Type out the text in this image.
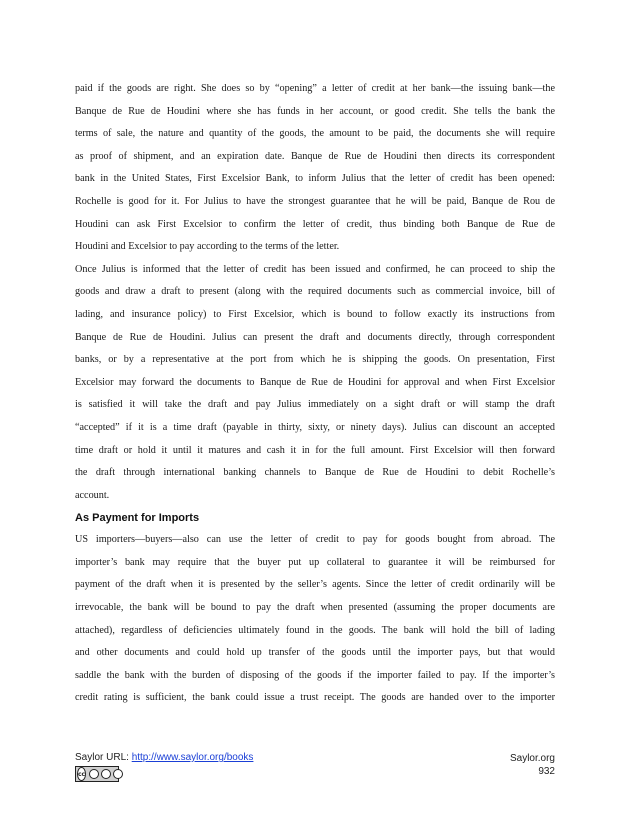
paid if the goods are right. She does so by “opening” a letter of credit at her bank—the issuing bank—the

Banque de Rue de Houdini where she has funds in her account, or good credit. She tells the bank the

terms of sale, the nature and quantity of the goods, the amount to be paid, the documents she will require

as proof of shipment, and an expiration date. Banque de Rue de Houdini then directs its correspondent

bank in the United States, First Excelsior Bank, to inform Julius that the letter of credit has been opened:

Rochelle is good for it. For Julius to have the strongest guarantee that he will be paid, Banque de Rou de

Houdini can ask First Excelsior to confirm the letter of credit, thus binding both Banque de Rue de

Houdini and Excelsior to pay according to the terms of the letter.

Once Julius is informed that the letter of credit has been issued and confirmed, he can proceed to ship the

goods and draw a draft to present (along with the required documents such as commercial invoice, bill of

lading, and insurance policy) to First Excelsior, which is bound to follow exactly its instructions from

Banque de Rue de Houdini. Julius can present the draft and documents directly, through correspondent

banks, or by a representative at the port from which he is shipping the goods. On presentation, First

Excelsior may forward the documents to Banque de Rue de Houdini for approval and when First Excelsior

is satisfied it will take the draft and pay Julius immediately on a sight draft or will stamp the draft

“accepted” if it is a time draft (payable in thirty, sixty, or ninety days). Julius can discount an accepted

time draft or hold it until it matures and cash it in for the full amount. First Excelsior will then forward

the draft through international banking channels to Banque de Rue de Houdini to debit Rochelle’s

account.

As Payment for Imports

US importers—buyers—also can use the letter of credit to pay for goods bought from abroad. The

importer’s bank may require that the buyer put up collateral to guarantee it will be reimbursed for

payment of the draft when it is presented by the seller’s agents. Since the letter of credit ordinarily will be

irrevocable, the bank will be bound to pay the draft when presented (assuming the proper documents are

attached), regardless of deficiencies ultimately found in the goods. The bank will hold the bill of lading

and other documents and could hold up transfer of the goods until the importer pays, but that would

saddle the bank with the burden of disposing of the goods if the importer failed to pay. If the importer’s

credit rating is sufficient, the bank could issue a trust receipt. The goods are handed over to the importer

Saylor URL: http://www.saylor.org/books	Saylor.org
932
cc
